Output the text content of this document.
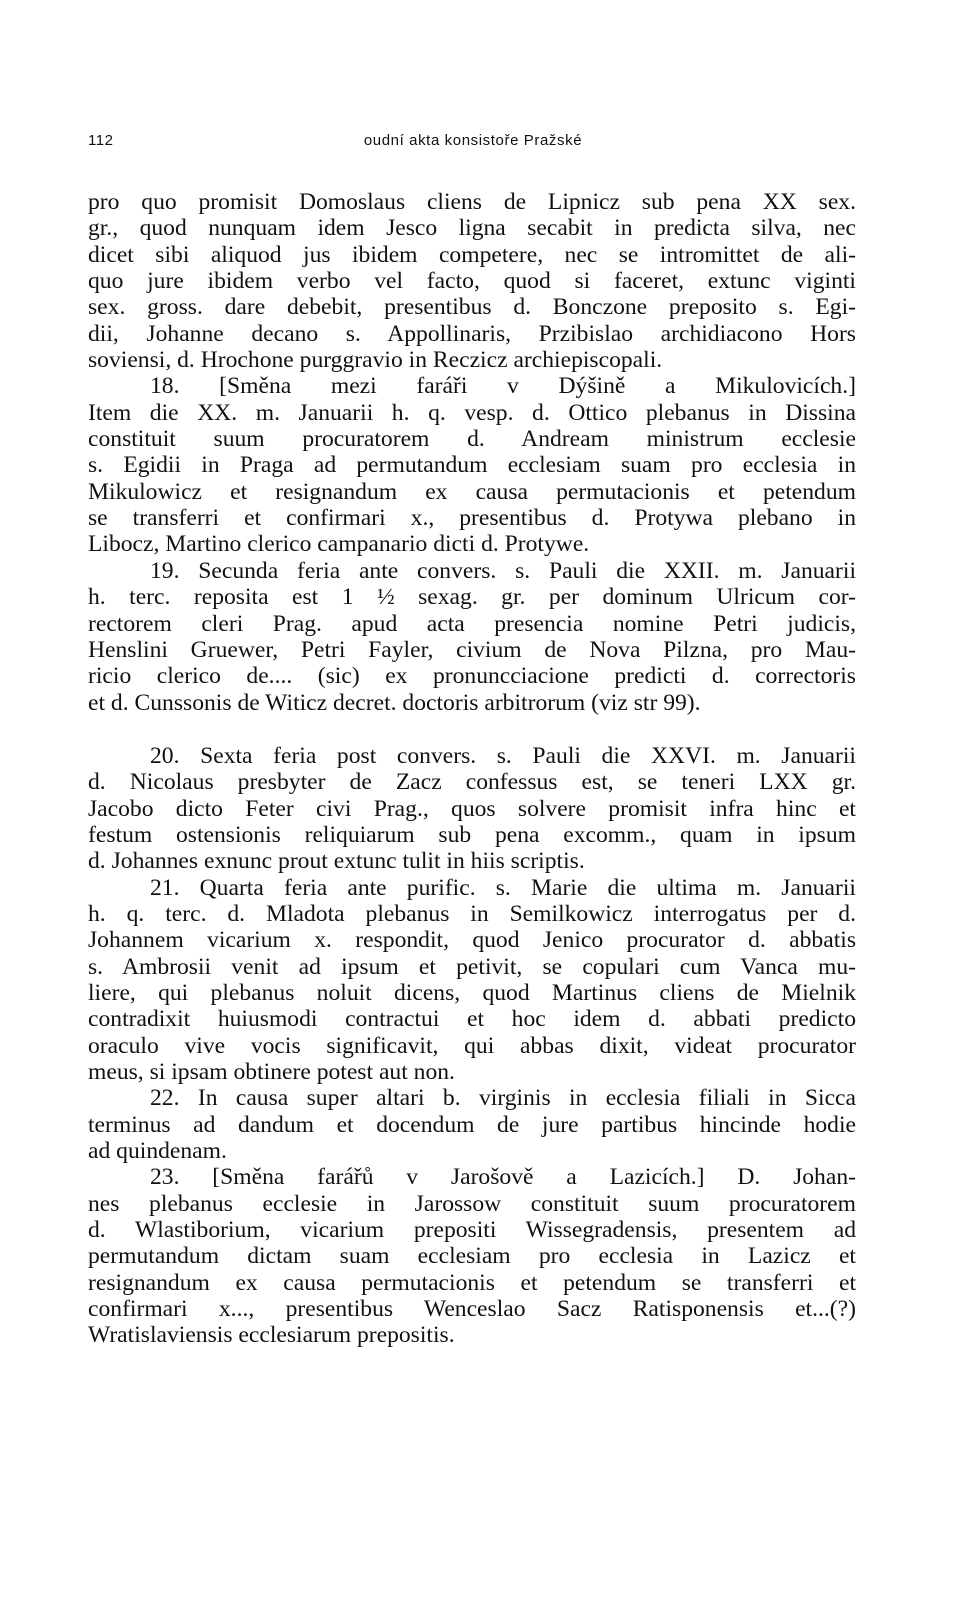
112	oudní akta konsistoře Pražské
pro quo promisit Domoslaus cliens de Lipnicz sub pena XX sex.
gr., quod nunquam idem Jesco ligna secabit in predicta silva, nec
dicet sibi aliquod jus ibidem competere, nec se intromittet de ali-
quo jure ibidem verbo vel facto, quod si faceret, extunc viginti
sex. gross. dare debebit, presentibus d. Bonczone preposito s. Egi-
dii, Johanne decano s. Appollinaris, Przibislao archidiacono Hors
soviensi, d. Hrochone purggravio in Reczicz archiepiscopali.
18. [Směna mezi faráři v Dýšině a Mikulovicích.]
Item die XX. m. Januarii h. q. vesp. d. Ottico plebanus in Dissina
constituit suum procuratorem d. Andream ministrum ecclesie
s. Egidii in Praga ad permutandum ecclesiam suam pro ecclesia in
Mikulowicz et resignandum ex causa permutacionis et petendum
se transferri et confirmari x., presentibus d. Protywa plebano in
Libocz, Martino clerico campanario dicti d. Protywe.
19. Secunda feria ante convers. s. Pauli die XXII. m. Januarii
h. terc. reposita est 1 ½ sexag. gr. per dominum Ulricum cor-
rectorem cleri Prag. apud acta presencia nomine Petri judicis,
Henslini Gruewer, Petri Fayler, civium de Nova Pilzna, pro Mau-
ricio clerico de.... (sic) ex pronuncciacione predicti d. correctoris
et d. Cunssonis de Witicz decret. doctoris arbitrorum (viz str 99).
20. Sexta feria post convers. s. Pauli die XXVI. m. Januarii
d. Nicolaus presbyter de Zacz confessus est, se teneri LXX gr.
Jacobo dicto Feter civi Prag., quos solvere promisit infra hinc et
festum ostensionis reliquiarum sub pena excomm., quam in ipsum
d. Johannes exnunc prout extunc tulit in hiis scriptis.
21. Quarta feria ante purific. s. Marie die ultima m. Januarii
h. q. terc. d. Mladota plebanus in Semilkowicz interrogatus per d.
Johannem vicarium x. respondit, quod Jenico procurator d. abbatis
s. Ambrosii venit ad ipsum et petivit, se copulari cum Vanca mu-
liere, qui plebanus noluit dicens, quod Martinus cliens de Mielnik
contradixit huiusmodi contractui et hoc idem d. abbati predicto
oraculo vive vocis significavit, qui abbas dixit, videat procurator
meus, si ipsam obtinere potest aut non.
22. In causa super altari b. virginis in ecclesia filiali in Sicca
terminus ad dandum et docendum de jure partibus hincinde hodie
ad quindenam.
23. [Směna farářů v Jarošově a Lazicích.] D. Johan-
nes plebanus ecclesie in Jarossow constituit suum procuratorem
d. Wlastiborium, vicarium prepositi Wissegradensis, presentem ad
permutandum dictam suam ecclesiam pro ecclesia in Lazicz et
resignandum ex causa permutacionis et petendum se transferri et
confirmari x..., presentibus Wenceslao Sacz Ratisponensis et...(?)
Wratislaviensis ecclesiarum prepositis.
